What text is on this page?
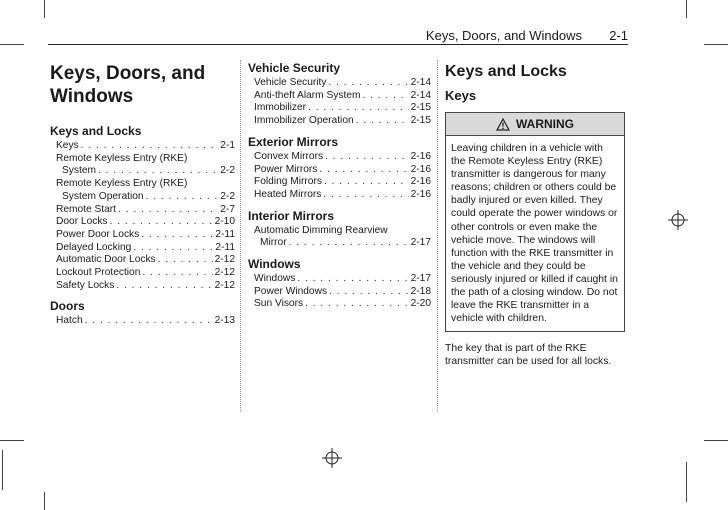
Keys, Doors, and Windows 2-1
Keys, Doors, and
Windows
Keys and Locks
Keys . . .	2-1
Remote Keyless Entry (RKE)
System . . .	2-2
Remote Keyless Entry (RKE)
System Operation . . .	2-2
Remote Start . . .	2-7
Door Locks . . .	2-10
Power Door Locks . . .	2-11
Delayed Locking . . .	2-11
Automatic Door Locks . . .	2-12
Lockout Protection . . .	2-12
Safety Locks . . .	2-12
Doors
Hatch . . .	2-13
Vehicle Security
Vehicle Security . . .	2-14
Anti-theft Alarm System . . .	2-14
Immobilizer . . .	2-15
Immobilizer Operation . . .	2-15
Exterior Mirrors
Convex Mirrors . . .	2-16
Power Mirrors . . .	2-16
Folding Mirrors . . .	2-16
Heated Mirrors . . .	2-16
Interior Mirrors
Automatic Dimming Rearview
Mirror . . .	2-17
Windows
Windows . . .	2-17
Power Windows . . .	2-18
Sun Visors . . .	2-20
Keys and Locks
Keys
WARNING
Leaving children in a vehicle with the Remote Keyless Entry (RKE) transmitter is dangerous for many reasons; children or others could be badly injured or even killed. They could operate the power windows or other controls or even make the vehicle move. The windows will function with the RKE transmitter in the vehicle and they could be seriously injured or killed if caught in the path of a closing window. Do not leave the RKE transmitter in a vehicle with children.
The key that is part of the RKE transmitter can be used for all locks.
